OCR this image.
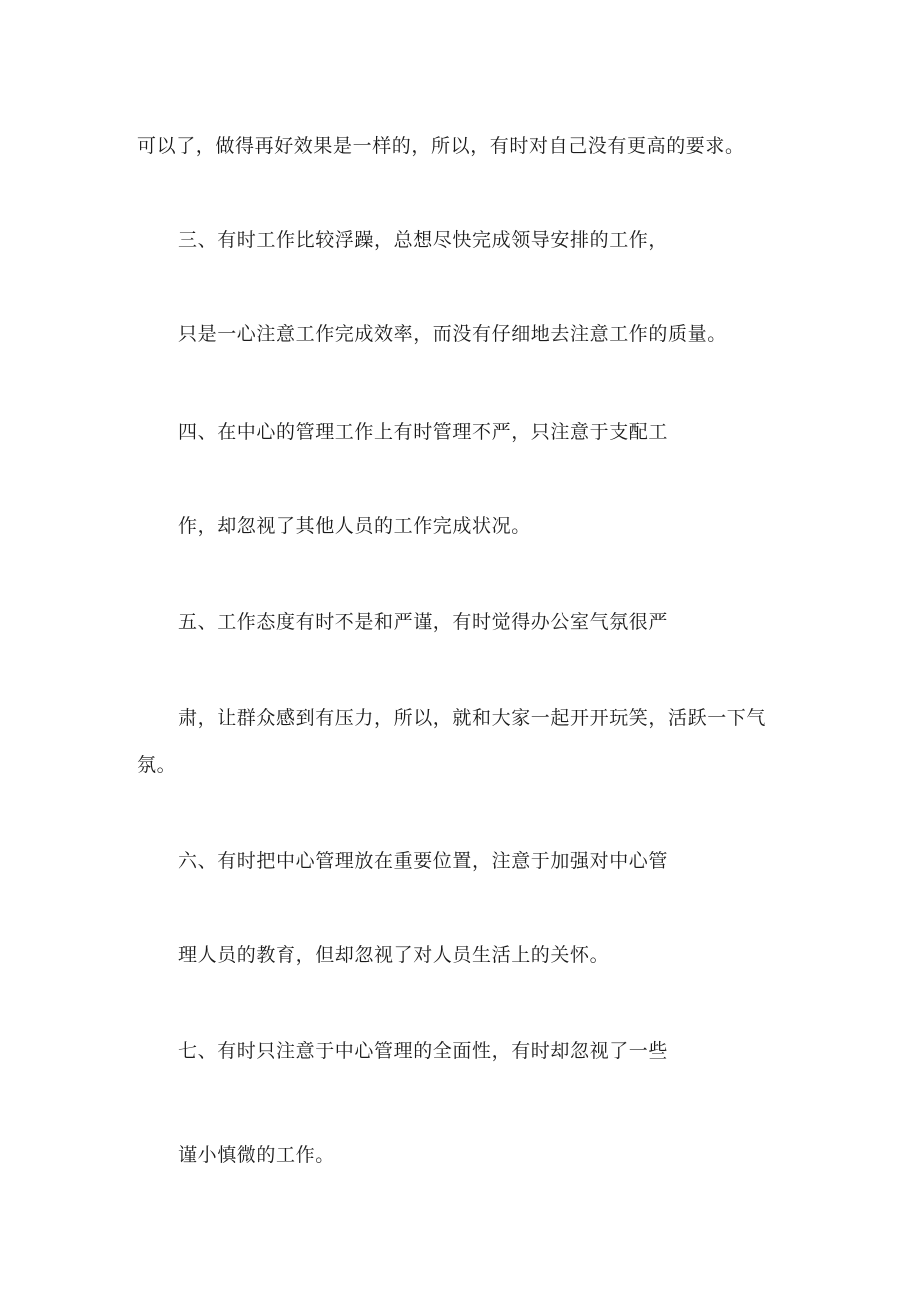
可以了，做得再好效果是一样的，所以，有时对自己没有更高的要求。

三、有时工作比较浮躁，总想尽快完成领导安排的工作，

只是一心注意工作完成效率，而没有仔细地去注意工作的质量。

四、在中心的管理工作上有时管理不严，只注意于支配工

作，却忽视了其他人员的工作完成状况。

五、工作态度有时不是和严谨，有时觉得办公室气氛很严

肃，让群众感到有压力，所以，就和大家一起开开玩笑，活跃一下气

氛。

六、有时把中心管理放在重要位置，注意于加强对中心管

理人员的教育，但却忽视了对人员生活上的关怀。

七、有时只注意于中心管理的全面性，有时却忽视了一些

谨小慎微的工作。
